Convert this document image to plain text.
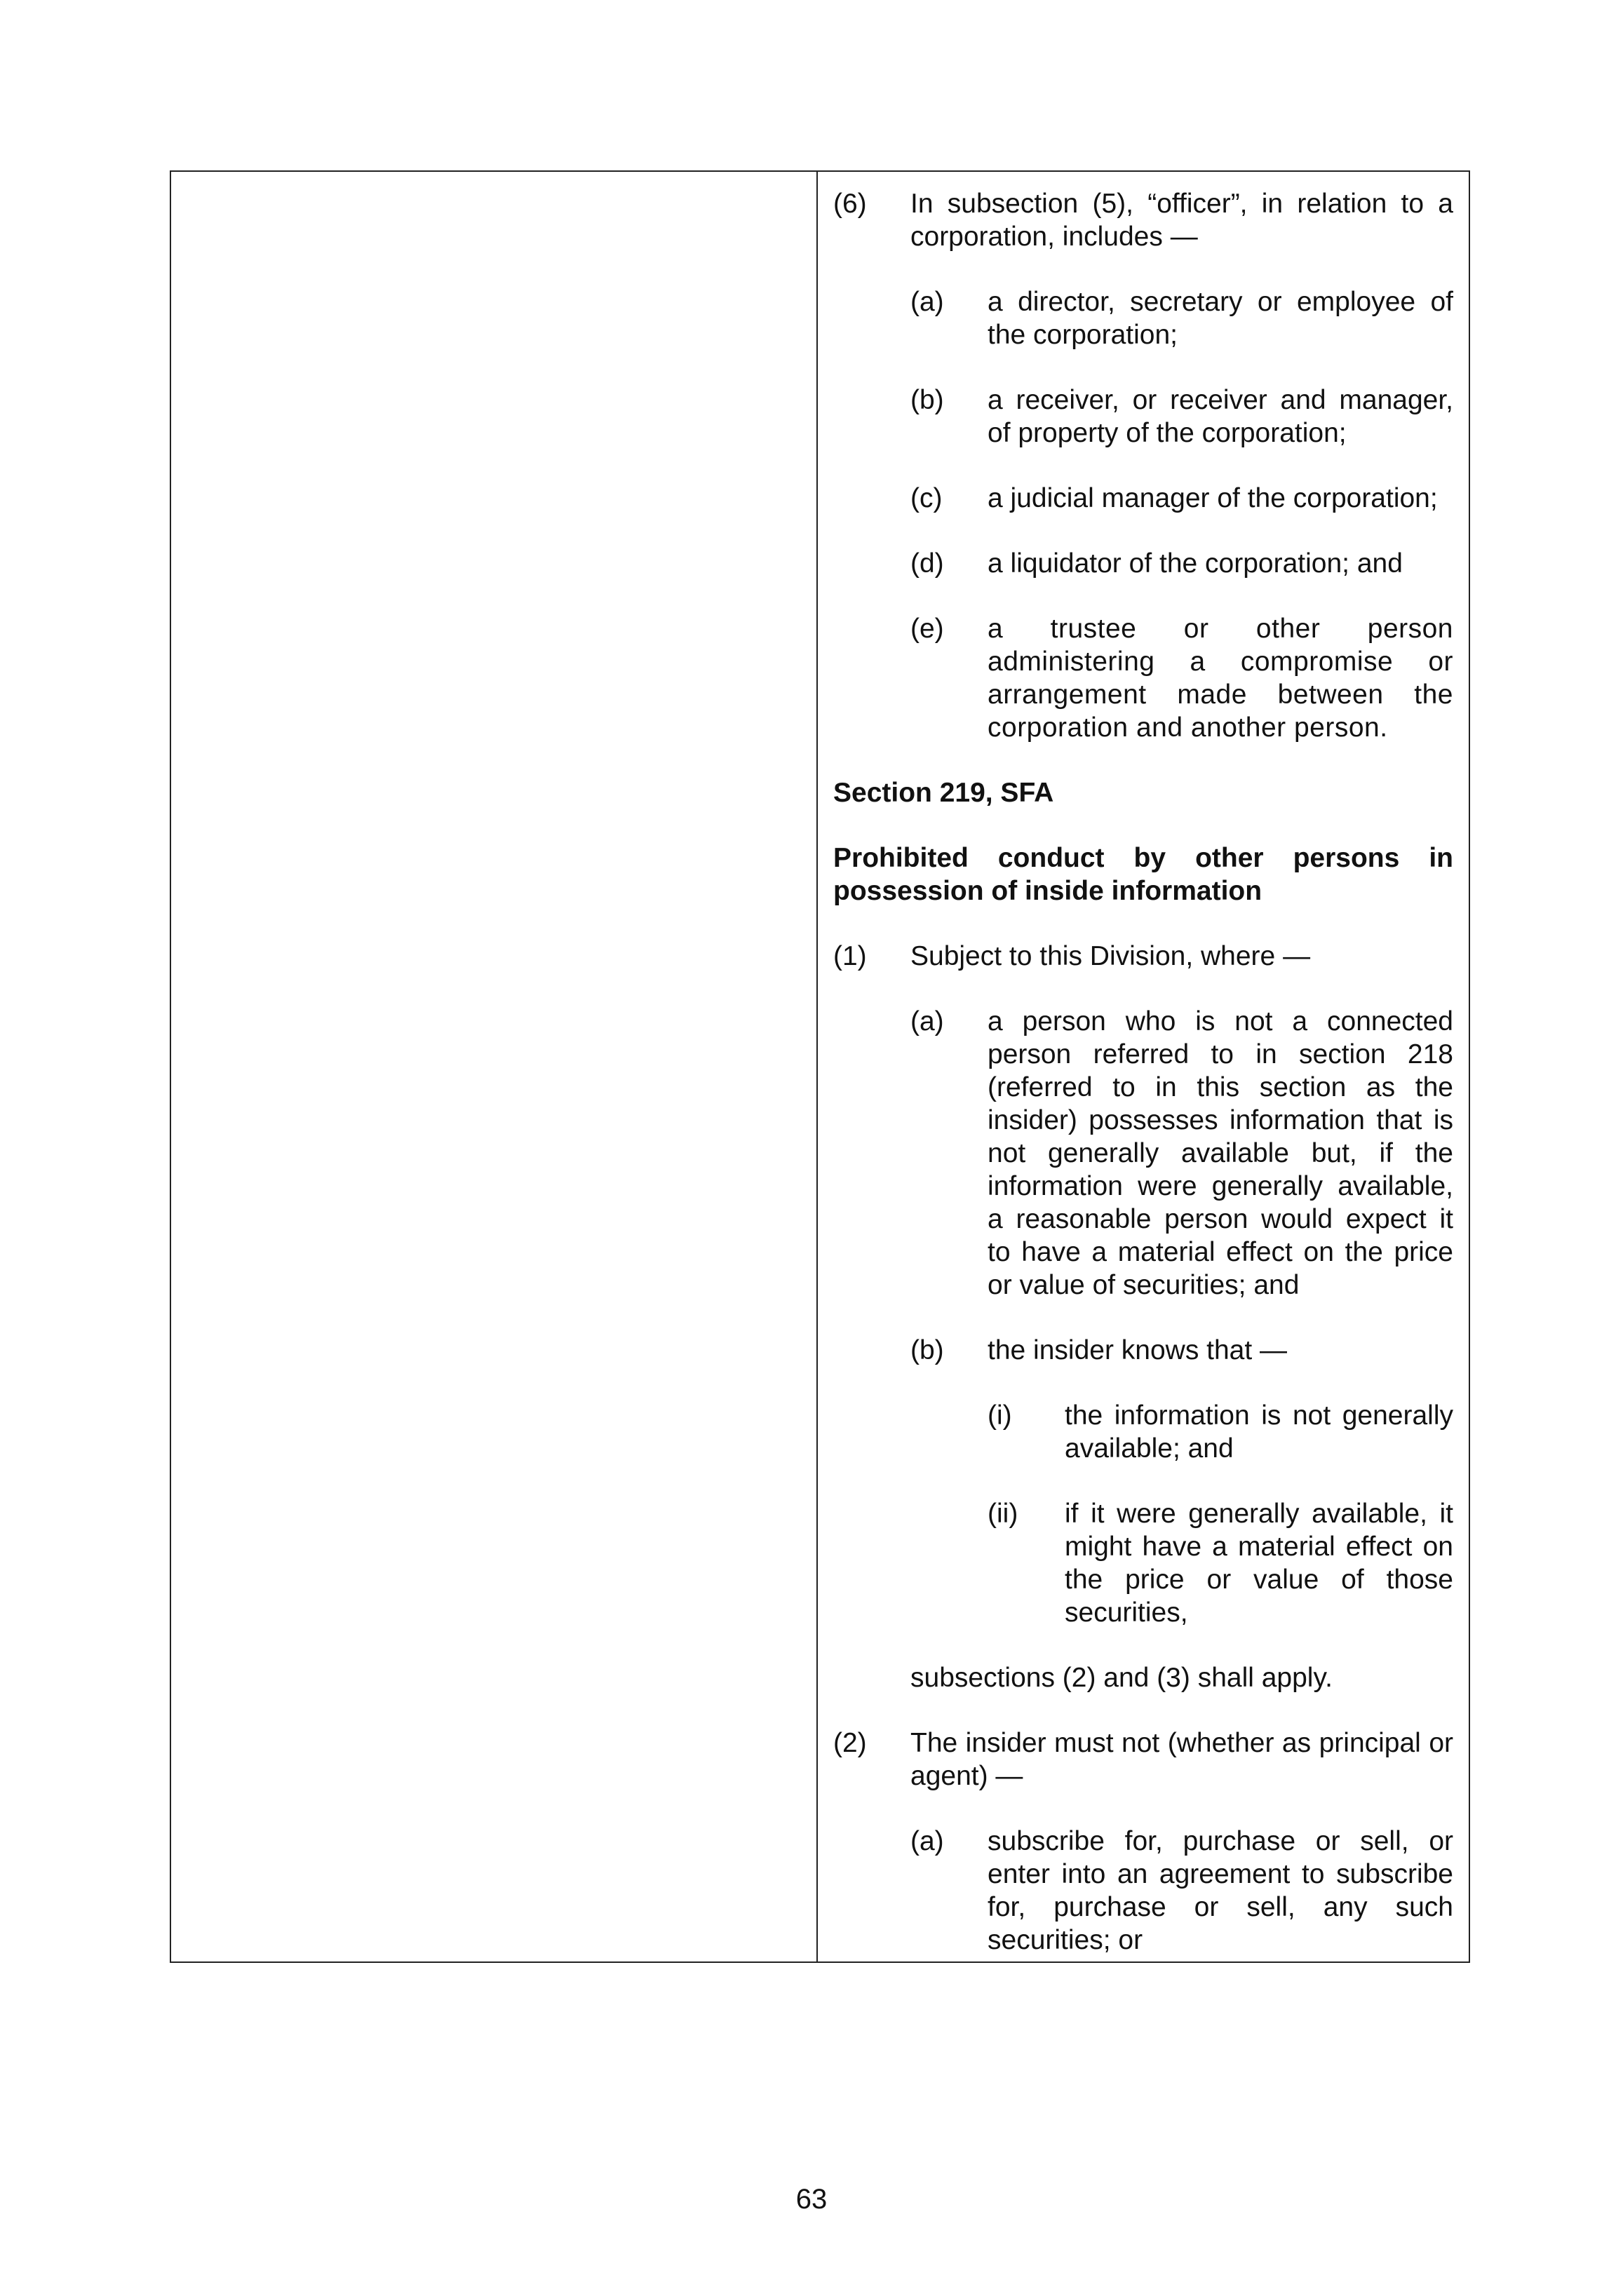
(6)	In subsection (5), “officer”, in relation to a corporation, includes —
(a)	a director, secretary or employee of the corporation;
(b)	a receiver, or receiver and manager, of property of the corporation;
(c)	a judicial manager of the corporation;
(d)	a liquidator of the corporation; and
(e)	a trustee or other person administering a compromise or arrangement made between the corporation and another person.
Section 219, SFA
Prohibited conduct by other persons in possession of inside information
(1)	Subject to this Division, where —
(a)	a person who is not a connected person referred to in section 218 (referred to in this section as the insider) possesses information that is not generally available but, if the information were generally available, a reasonable person would expect it to have a material effect on the price or value of securities; and
(b)	the insider knows that —
(i)	the information is not generally available; and
(ii)	if it were generally available, it might have a material effect on the price or value of those securities,
subsections (2) and (3) shall apply.
(2)	The insider must not (whether as principal or agent) —
(a)	subscribe for, purchase or sell, or enter into an agreement to subscribe for, purchase or sell, any such securities; or
63
